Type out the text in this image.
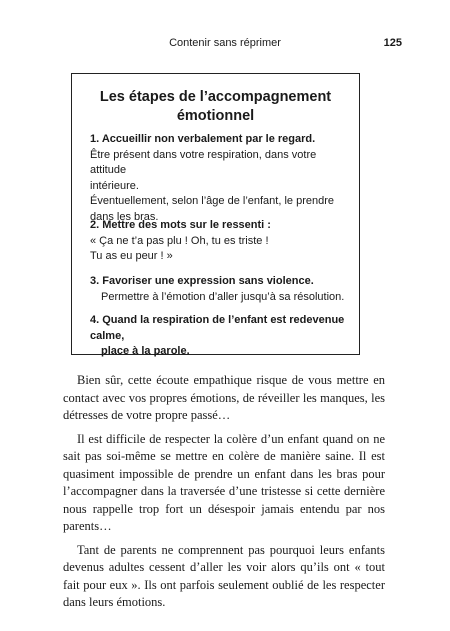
Contenir sans réprimer	125
Les étapes de l’accompagnement
émotionnel
1. Accueillir non verbalement par le regard.
Être présent dans votre respiration, dans votre attitude
intérieure.
Éventuellement, selon l’âge de l’enfant, le prendre
dans les bras.
2. Mettre des mots sur le ressenti :
« Ça ne t’a pas plu ! Oh, tu es triste !
Tu as eu peur ! »
3. Favoriser une expression sans violence.
Permettre à l’émotion d’aller jusqu’à sa résolution.
4. Quand la respiration de l’enfant est redevenue calme,
place à la parole.

Bien sûr, cette écoute empathique risque de vous mettre en contact avec vos propres émotions, de réveiller les manques, les détresses de votre propre passé…

Il est difficile de respecter la colère d’un enfant quand on ne sait pas soi-même se mettre en colère de manière saine. Il est quasiment impossible de prendre un enfant dans les bras pour l’accompagner dans la traversée d’une tristesse si cette dernière nous rappelle trop fort un désespoir jamais entendu par nos parents…

Tant de parents ne comprennent pas pourquoi leurs enfants devenus adultes cessent d’aller les voir alors qu’ils ont « tout fait pour eux ». Ils ont parfois seulement oublié de les respecter dans leurs émotions.
